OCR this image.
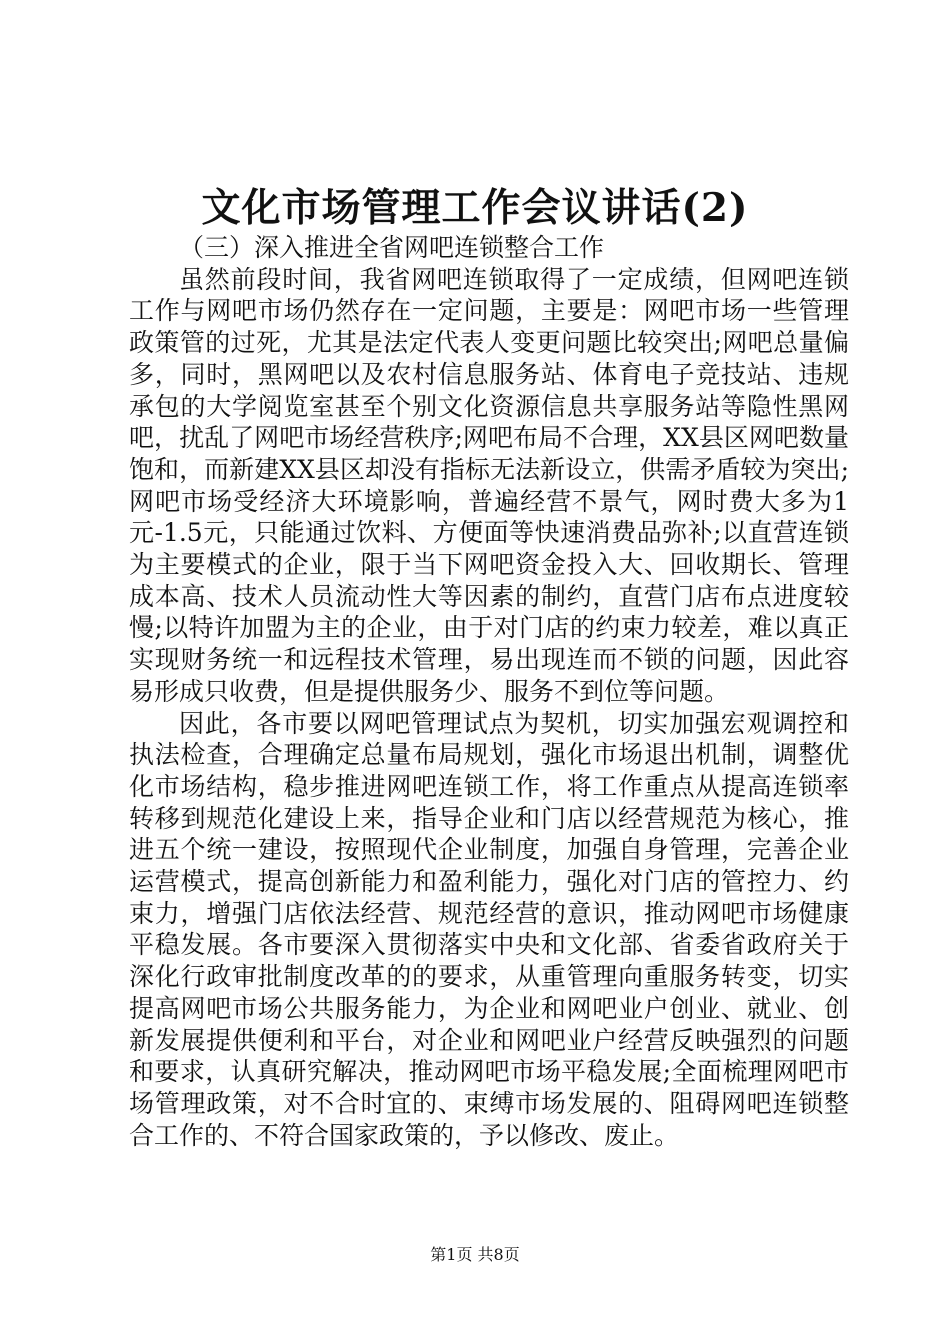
文化市场管理工作会议讲话(2)

（三）深入推进全省网吧连锁整合工作

虽然前段时间，我省网吧连锁取得了一定成绩，但网吧连锁工作与网吧市场仍然存在一定问题，主要是：网吧市场一些管理政策管的过死，尤其是法定代表人变更问题比较突出;网吧总量偏多，同时，黑网吧以及农村信息服务站、体育电子竞技站、违规承包的大学阅览室甚至个别文化资源信息共享服务站等隐性黑网吧，扰乱了网吧市场经营秩序;网吧布局不合理，XX县区网吧数量饱和，而新建XX县区却没有指标无法新设立，供需矛盾较为突出;网吧市场受经济大环境影响，普遍经营不景气，网时费大多为1元-1.5元，只能通过饮料、方便面等快速消费品弥补;以直营连锁为主要模式的企业，限于当下网吧资金投入大、回收期长、管理成本高、技术人员流动性大等因素的制约，直营门店布点进度较慢;以特许加盟为主的企业，由于对门店的约束力较差，难以真正实现财务统一和远程技术管理，易出现连而不锁的问题，因此容易形成只收费，但是提供服务少、服务不到位等问题。

因此，各市要以网吧管理试点为契机，切实加强宏观调控和执法检查，合理确定总量布局规划，强化市场退出机制，调整优化市场结构，稳步推进网吧连锁工作，将工作重点从提高连锁率转移到规范化建设上来，指导企业和门店以经营规范为核心，推进五个统一建设，按照现代企业制度，加强自身管理，完善企业运营模式，提高创新能力和盈利能力，强化对门店的管控力、约束力，增强门店依法经营、规范经营的意识，推动网吧市场健康平稳发展。各市要深入贯彻落实中央和文化部、省委省政府关于深化行政审批制度改革的的要求，从重管理向重服务转变，切实提高网吧市场公共服务能力，为企业和网吧业户创业、就业、创新发展提供便利和平台，对企业和网吧业户经营反映强烈的问题和要求，认真研究解决，推动网吧市场平稳发展;全面梳理网吧市场管理政策，对不合时宜的、束缚市场发展的、阻碍网吧连锁整合工作的、不符合国家政策的，予以修改、废止。

第1页 共8页
